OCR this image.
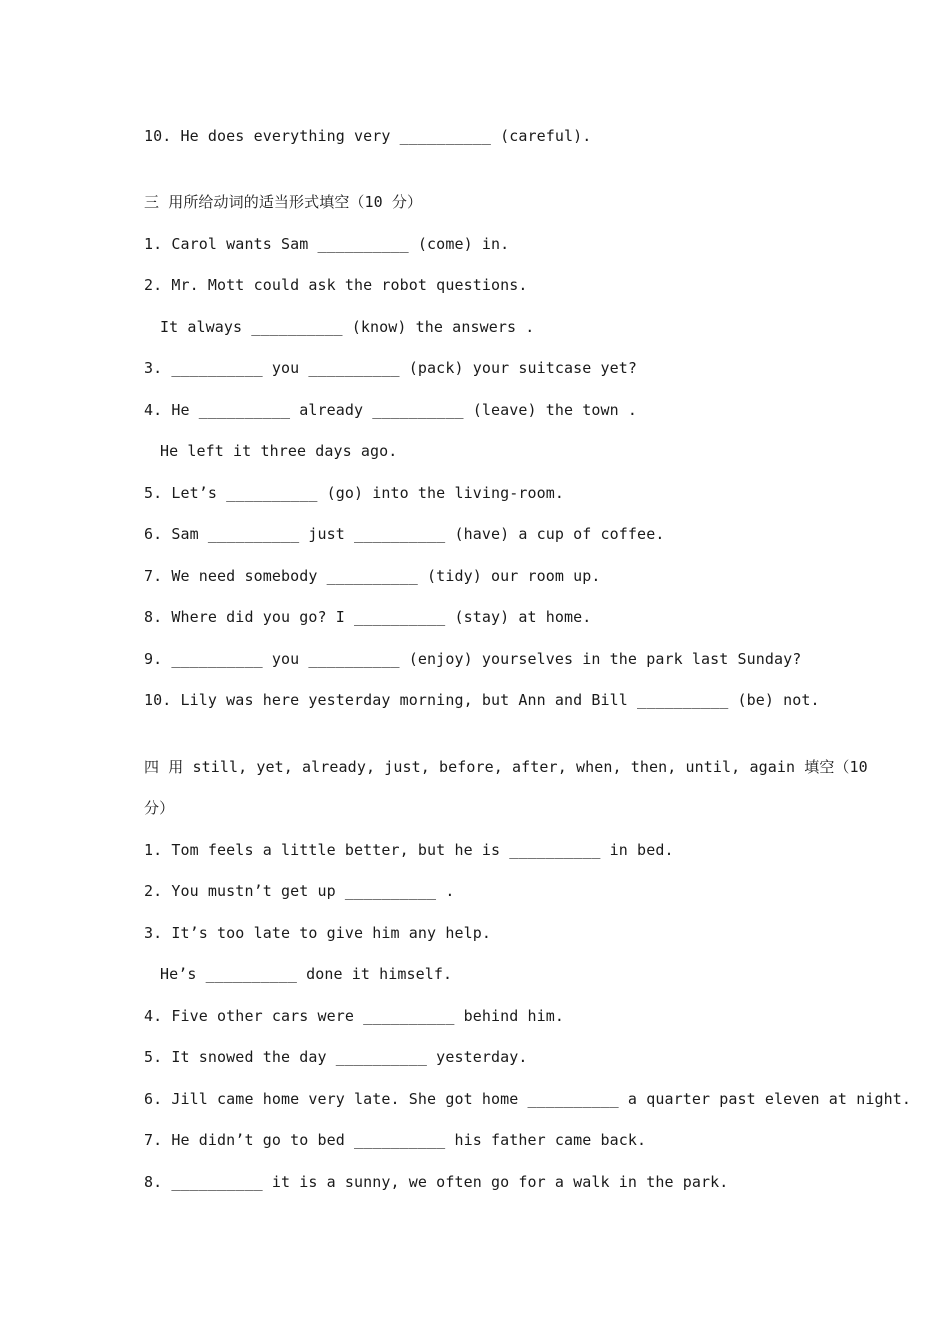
10. He does everything very __________ (careful).
三 用所给动词的适当形式填空（10 分）
1. Carol wants Sam __________ (come) in.
2. Mr. Mott could ask the robot questions.
It always __________ (know) the answers .
3. __________ you __________ (pack) your suitcase yet?
4. He __________ already __________ (leave) the town .
He left it three days ago.
5. Let’s __________ (go) into the living-room.
6. Sam __________ just __________ (have) a cup of coffee.
7. We need somebody __________ (tidy) our room up.
8. Where did you go? I __________ (stay) at home.
9. __________ you __________ (enjoy) yourselves in the park last Sunday?
10. Lily was here yesterday morning, but Ann and Bill __________ (be) not.
四 用 still, yet, already, just, before, after, when, then, until, again 填空（10
分）
1. Tom feels a little better, but he is __________ in bed.
2. You mustn’t get up __________ .
3. It’s too late to give him any help.
He’s __________ done it himself.
4. Five other cars were __________ behind him.
5. It snowed the day __________ yesterday.
6. Jill came home very late. She got home __________ a quarter past eleven at night.
7. He didn’t go to bed __________ his father came back.
8. __________ it is a sunny, we often go for a walk in the park.
